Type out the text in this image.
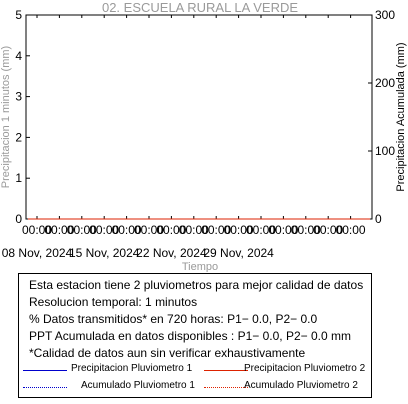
02. ESCUELA RURAL LA VERDE
0
1
2
3
4
5
0
100
200
300
00:00
00:00
00:00
00:00
00:00
00:00
00:00
00:00
00:00
00:00
00:00
00:00
00:00
00:00
00:00
08 Nov, 2024
15 Nov, 2024
22 Nov, 2024
29 Nov, 2024
Precipitacion 1 minutos (mm)	Precipitacion Acumulada (mm)
Tiempo
Esta estacion tiene 2 pluviometros para mejor calidad de datos
Resolucion temporal: 1 minutos
% Datos transmitidos* en 720 horas: P1− 0.0, P2− 0.0
PPT Acumulada en datos disponibles : P1− 0.0, P2− 0.0 mm
*Calidad de datos aun sin verificar exhaustivamente
Precipitacion Pluviometro 1	Precipitacion Pluviometro 2
Acumulado Pluviometro 1	Acumulado Pluviometro 2
